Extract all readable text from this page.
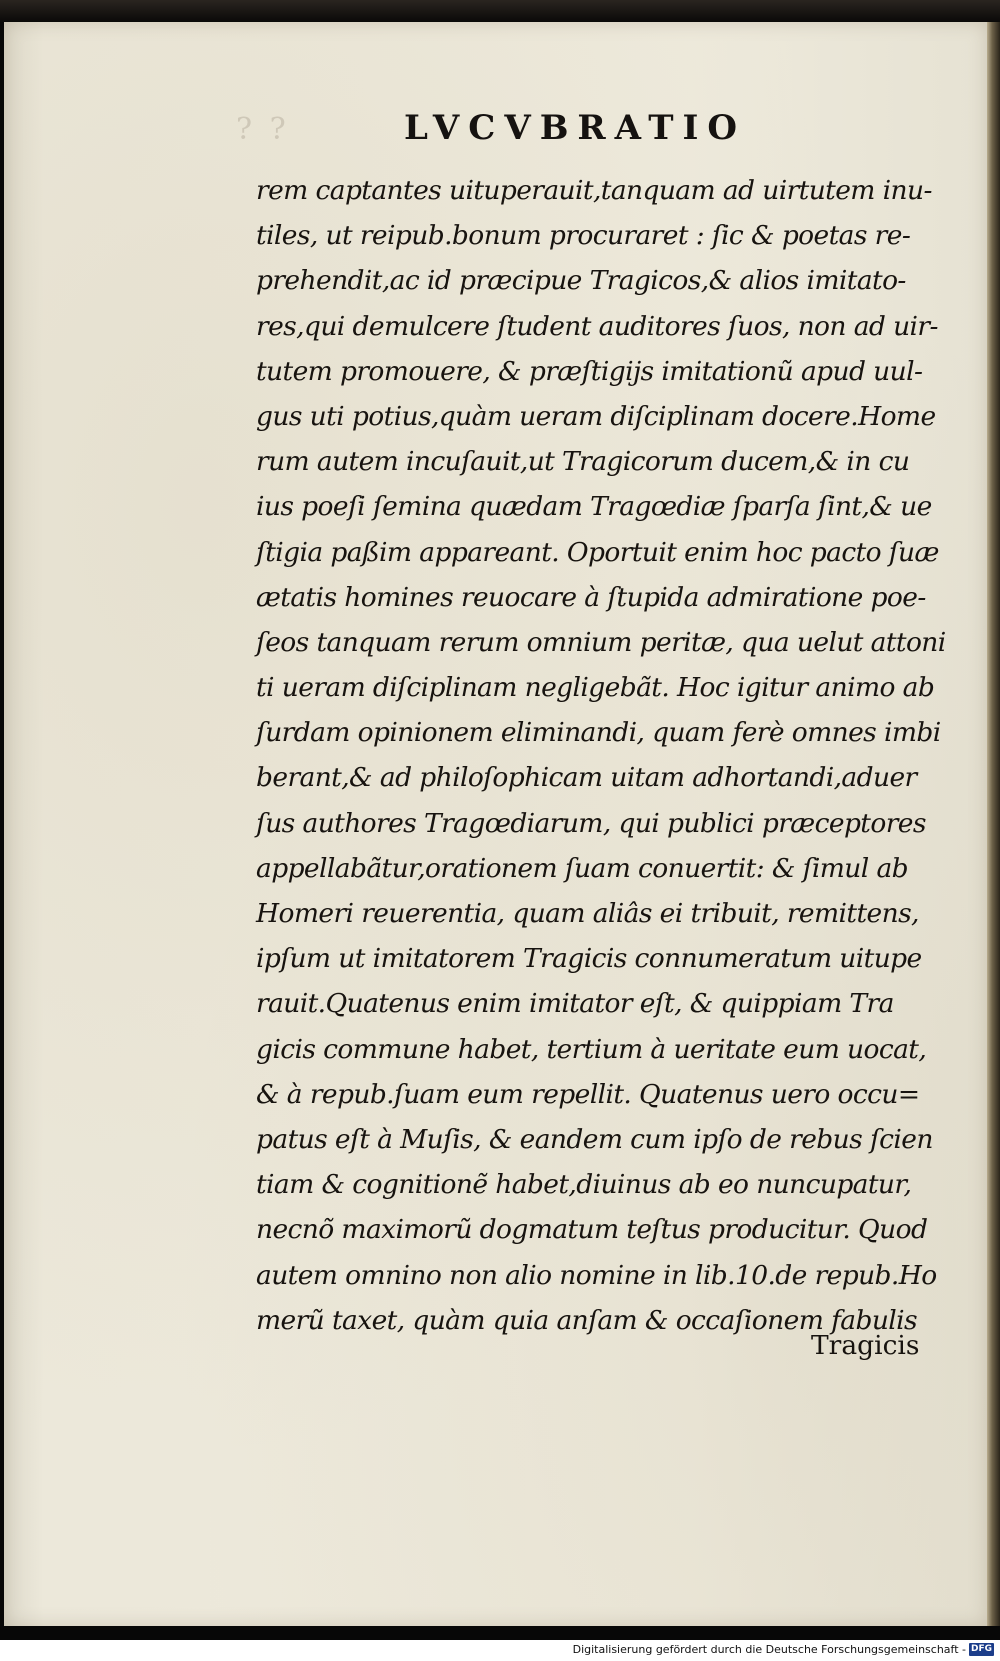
? ?	LVCVBRATIO
rem captantes uituperauit,tanquam ad uirtutem inu-
tiles, ut reipub.bonum procuraret : ſic & poetas re-
prehendit,ac id præcipue Tragicos,& alios imitato-
res,qui demulcere ſtudent auditores ſuos, non ad uir-
tutem promouere, & præſtigijs imitationũ apud uul-
gus uti potius,quàm ueram diſciplinam docere.Home
rum autem incuſauit,ut Tragicorum ducem,& in cu
ius poeſi ſemina quædam Tragœdiæ ſparſa ſint,& ue
ſtigia paßim appareant. Oportuit enim hoc pacto ſuæ
ætatis homines reuocare à ſtupida admiratione poe-
ſeos tanquam rerum omnium peritæ, qua uelut attoni
ti ueram diſciplinam negligebãt. Hoc igitur animo ab
ſurdam opinionem eliminandi, quam ferè omnes imbi
berant,& ad philoſophicam uitam adhortandi,aduer
ſus authores Tragœdiarum, qui publici præceptores
appellabãtur,orationem ſuam conuertit: & ſimul ab
Homeri reuerentia, quam aliâs ei tribuit, remittens,
ipſum ut imitatorem Tragicis connumeratum uitupe
rauit.Quatenus enim imitator eſt, & quippiam Tra
gicis commune habet, tertium à ueritate eum uocat,
& à repub.ſuam eum repellit. Quatenus uero occu=
patus eſt à Muſis, & eandem cum ipſo de rebus ſcien
tiam & cognitionẽ habet,diuinus ab eo nuncupatur,
necnõ maximorũ dogmatum teſtus producitur. Quod
autem omnino non alio nomine in lib.10.de repub.Ho
merũ taxet, quàm quia anſam & occaſionem fabulis
Tragicis
Digitalisierung gefördert durch die Deutsche Forschungsgemeinschaft - DFG
